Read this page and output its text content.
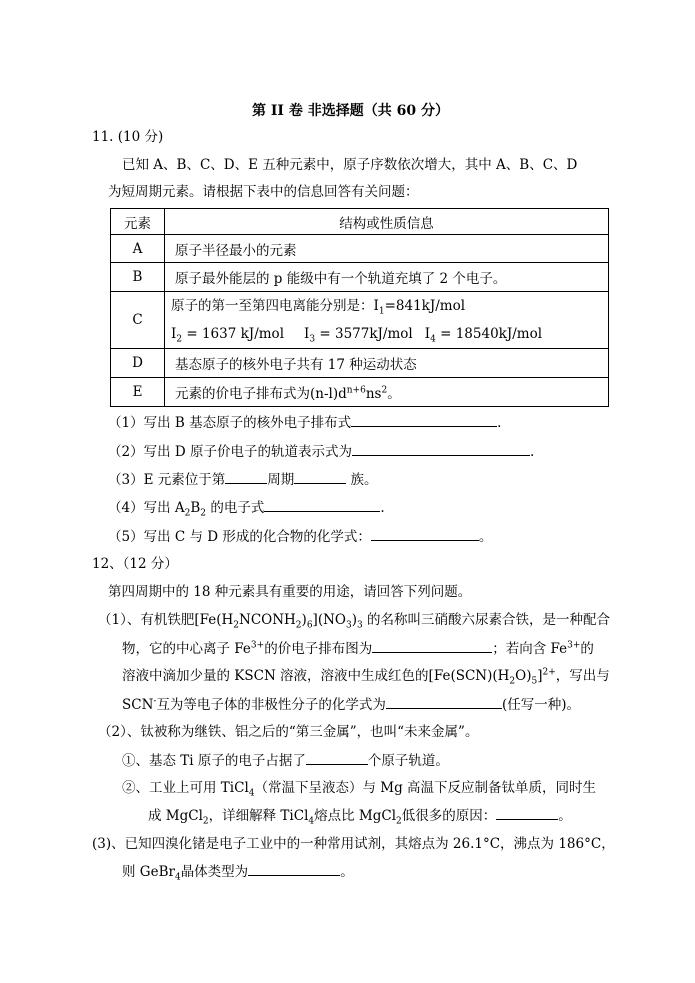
第 II 卷 非选择题（共 60 分）
11. (10 分)
已知 A、B、C、D、E 五种元素中，原子序数依次增大，其中 A、B、C、D
为短周期元素。请根据下表中的信息回答有关问题：
元素	结构或性质信息
A	原子半径最小的元素
B	原子最外能层的 p 能级中有一个轨道充填了 2 个电子。
C	原子的第一至第四电离能分别是：$I_1=841kJ$/mol
$I_2 = 1637$ kJ/mol $I_3 = 3577kJ/mol$ $I_4 = 18540kJ/mol$

D	基态原子的核外电子共有 17 种运动状态
E	元素的价电子排布式为$(n-l)d^{n+6}ns^2$。
（1）写出 B 基态原子的核外电子排布式	.
（2）写出 D 原子价电子的轨道表示式为	.
（3）E 元素位于第	周期	族。
（4）写出 $A_2B_2$ 的电子式	.
（5）写出 C 与 D 形成的化合物的化学式：	。
12、（12 分）
第四周期中的 18 种元素具有重要的用途，请回答下列问题。
（1）、有机铁肥$[Fe(H_2NCONH_2)_6](NO_3)_3$ 的名称叫三硝酸六尿素合铁，是一种配合
物，它的中心离子 $Fe^{3+}$的价电子排布图为	；若向含 $Fe^{3+}$的
溶液中滴加少量的 KSCN 溶液，溶液中生成红色的$[Fe(SCN)(H_2O)_5]^{2+}$，写出与
SCN-互为等电子体的非极性分子的化学式为	(任写一种)。
（2）、钛被称为继铁、铝之后的“第三金属”，也叫“未来金属”。
①、基态 Ti 原子的电子占据了	个原子轨道。
②、工业上可用 TiCl$_4$（常温下呈液态）与 Mg 高温下反应制备钛单质，同时生
成 MgCl$_2$，详细解释 TiCl$_4$熔点比 MgCl$_2$低很多的原因：	。
(3)、已知四溴化锗是电子工业中的一种常用试剂，其熔点为 26.1°C，沸点为 186°C，
则 GeBr$_4$晶体类型为	。
